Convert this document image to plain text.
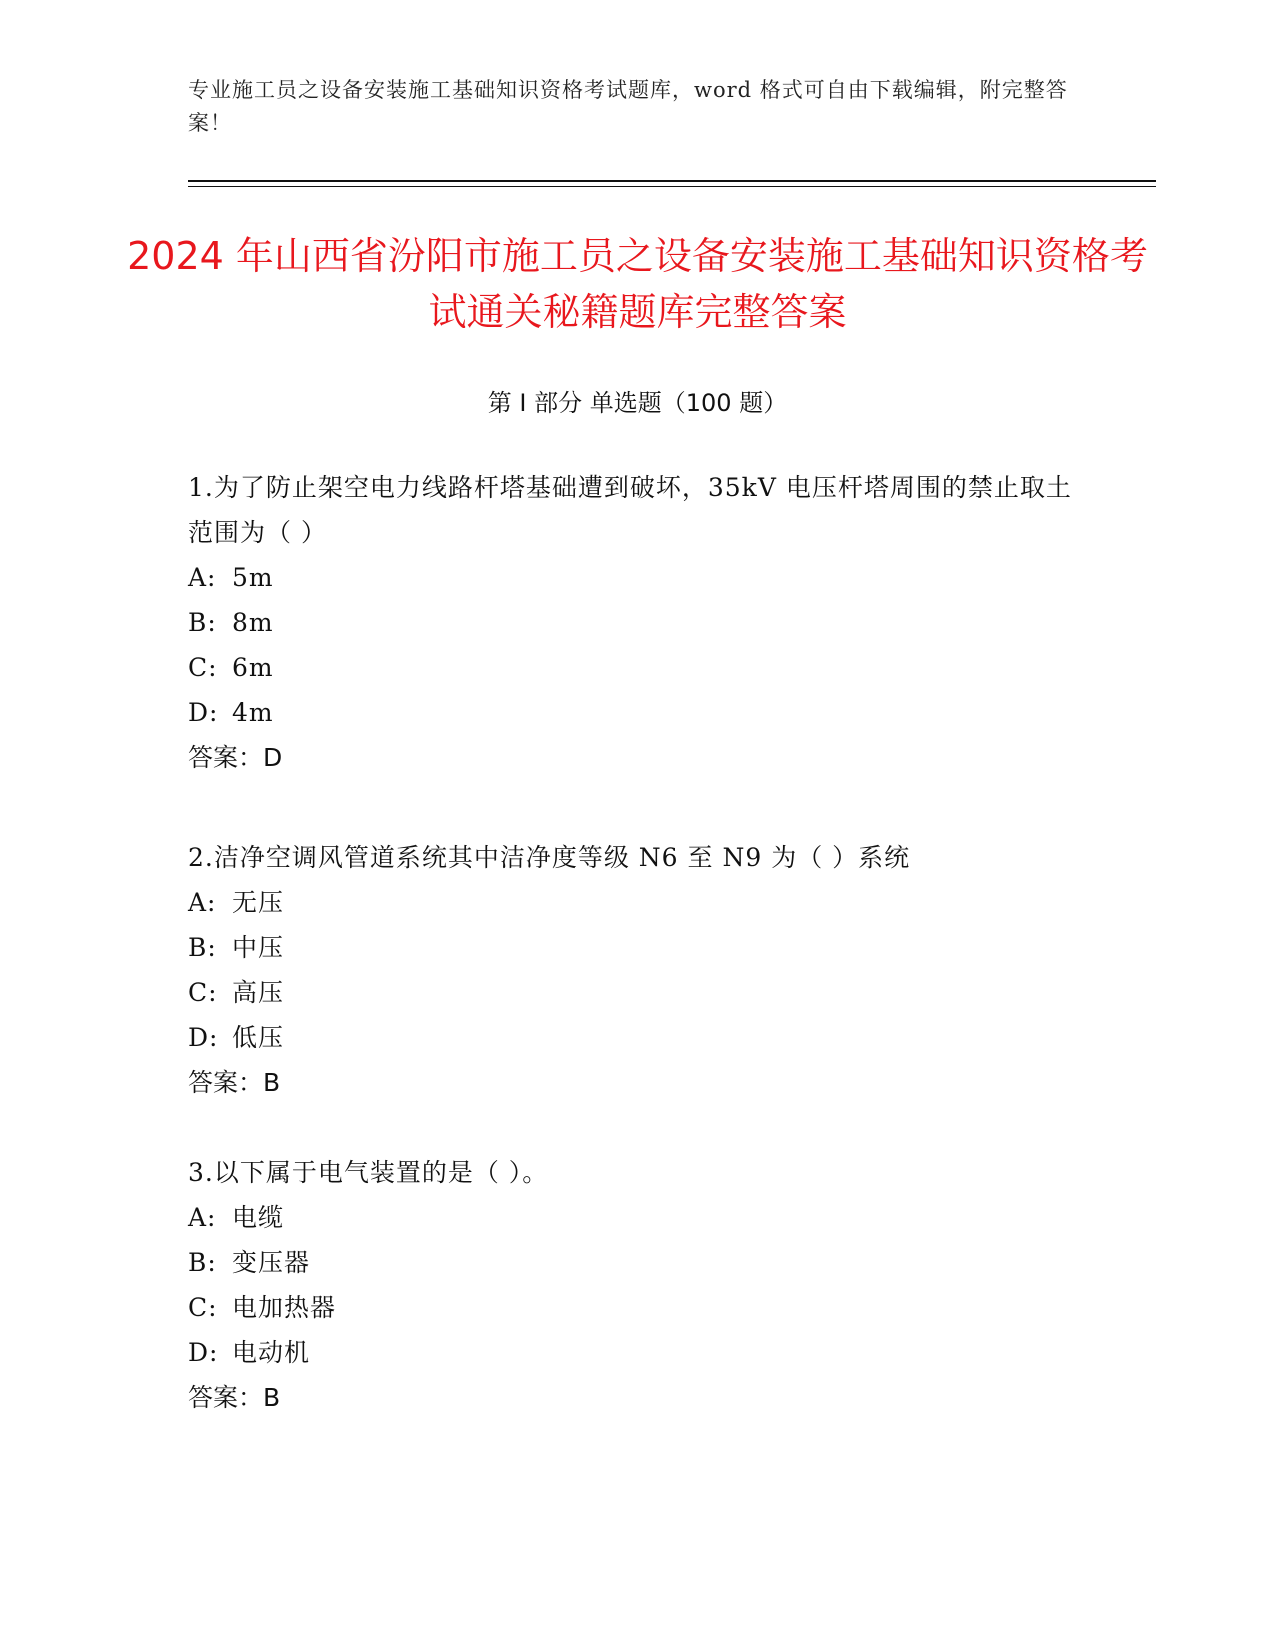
专业施工员之设备安装施工基础知识资格考试题库，word 格式可自由下载编辑，附完整答案！
2024 年山西省汾阳市施工员之设备安装施工基础知识资格考试通关秘籍题库完整答案
第 I 部分 单选题（100 题）

1.为了防止架空电力线路杆塔基础遭到破坏，35kV 电压杆塔周围的禁止取土范围为（ ）

A: 5m

B: 8m

C: 6m

D: 4m

答案：D

2.洁净空调风管道系统其中洁净度等级 N6 至 N9 为（ ）系统

A: 无压

B: 中压

C: 高压

D: 低压

答案：B

3.以下属于电气装置的是（ ）。

A: 电缆

B: 变压器

C: 电加热器

D: 电动机

答案：B
